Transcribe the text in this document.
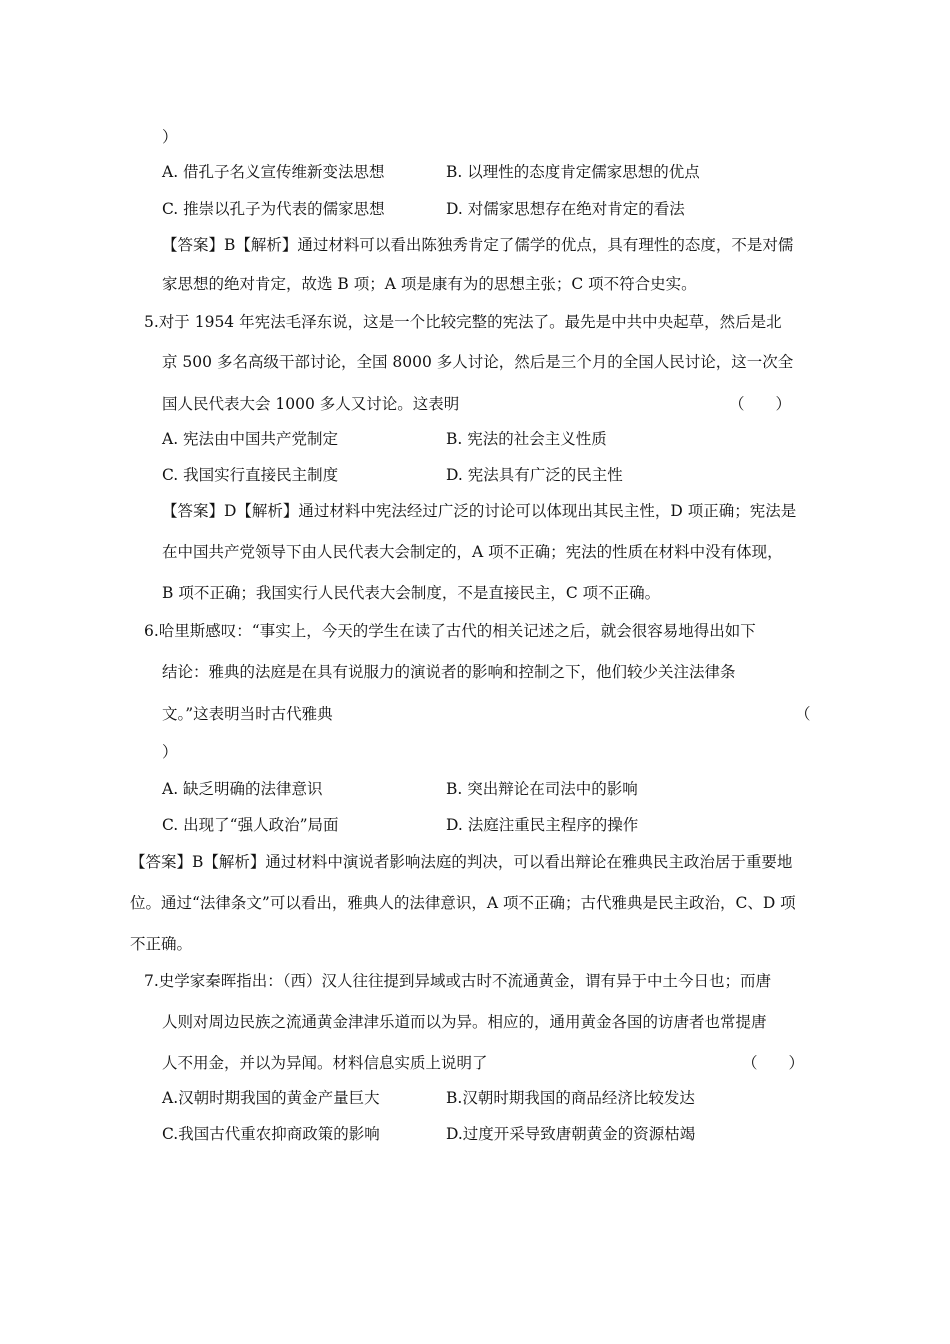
）
A. 借孔子名义宣传维新变法思想	B. 以理性的态度肯定儒家思想的优点
C. 推崇以孔子为代表的儒家思想	D. 对儒家思想存在绝对肯定的看法
【答案】B【解析】通过材料可以看出陈独秀肯定了儒学的优点，具有理性的态度，不是对儒
家思想的绝对肯定，故选 B 项；A 项是康有为的思想主张；C 项不符合史实。
5.对于 1954 年宪法毛泽东说，这是一个比较完整的宪法了。最先是中共中央起草，然后是北
京 500 多名高级干部讨论，全国 8000 多人讨论，然后是三个月的全国人民讨论，这一次全
国人民代表大会 1000 多人又讨论。这表明	（　　）
A. 宪法由中国共产党制定	B. 宪法的社会主义性质
C. 我国实行直接民主制度	D. 宪法具有广泛的民主性
【答案】D【解析】通过材料中宪法经过广泛的讨论可以体现出其民主性，D 项正确；宪法是
在中国共产党领导下由人民代表大会制定的，A 项不正确；宪法的性质在材料中没有体现，
B 项不正确；我国实行人民代表大会制度，不是直接民主，C 项不正确。
6.哈里斯感叹：“事实上，今天的学生在读了古代的相关记述之后，就会很容易地得出如下
结论：雅典的法庭是在具有说服力的演说者的影响和控制之下，他们较少关注法律条
文。”这表明当时古代雅典	（
）
A. 缺乏明确的法律意识	B. 突出辩论在司法中的影响
C. 出现了“强人政治”局面	D. 法庭注重民主程序的操作
【答案】B【解析】通过材料中演说者影响法庭的判决，可以看出辩论在雅典民主政治居于重要地
位。通过“法律条文”可以看出，雅典人的法律意识，A 项不正确；古代雅典是民主政治，C、D 项
不正确。
7.史学家秦晖指出：（西）汉人往往提到异域或古时不流通黄金，谓有异于中土今日也；而唐
人则对周边民族之流通黄金津津乐道而以为异。相应的，通用黄金各国的访唐者也常提唐
人不用金，并以为异闻。材料信息实质上说明了	（　　）
A.汉朝时期我国的黄金产量巨大	B.汉朝时期我国的商品经济比较发达
C.我国古代重农抑商政策的影响	D.过度开采导致唐朝黄金的资源枯竭
